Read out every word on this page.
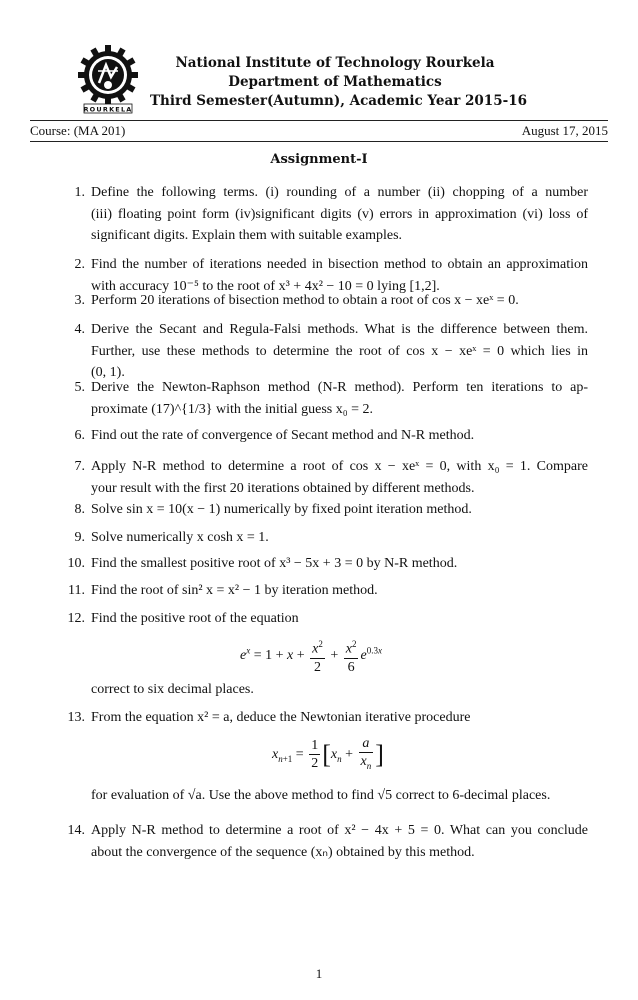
ROURKELA
National Institute of Technology Rourkela
Department of Mathematics
Third Semester(Autumn), Academic Year 2015-16
Course: (MA 201)	August 17, 2015
Assignment-I
1. Define the following terms. (i) rounding of a number (ii) chopping of a number
(iii) floating point form (iv)significant digits (v) errors in approximation (vi) loss of
significant digits. Explain them with suitable examples.
2. Find the number of iterations needed in bisection method to obtain an approximation
with accuracy 10⁻⁵ to the root of x³ + 4x² − 10 = 0 lying [1,2].
3. Perform 20 iterations of bisection method to obtain a root of cos x − xeˣ = 0.
4. Derive the Secant and Regula-Falsi methods. What is the difference between them.
Further, use these methods to determine the root of cos x − xeˣ = 0 which lies in
(0, 1).
5. Derive the Newton-Raphson method (N-R method). Perform ten iterations to ap-
proximate (17)^{1/3} with the initial guess x₀ = 2.
6. Find out the rate of convergence of Secant method and N-R method.
7. Apply N-R method to determine a root of cos x − xeˣ = 0, with x₀ = 1. Compare
your result with the first 20 iterations obtained by different methods.
8. Solve sin x = 10(x − 1) numerically by fixed point iteration method.
9. Solve numerically x cosh x = 1.
10. Find the smallest positive root of x³ − 5x + 3 = 0 by N-R method.
11. Find the root of sin² x = x² − 1 by iteration method.
12. Find the positive root of the equation
$e^x = 1 + x + \frac{x^2}{2} + \frac{x^2}{6} e^{0.3x}$
correct to six decimal places.
13. From the equation x² = a, deduce the Newtonian iterative procedure
$x_{n+1} = \frac{1}{2} [x_n + \frac{a}{x_n}$ ]
for evaluation of √a. Use the above method to find √5 correct to 6-decimal places.
14. Apply N-R method to determine a root of x² − 4x + 5 = 0. What can you conclude
about the convergence of the sequence (xₙ) obtained by this method.
1
